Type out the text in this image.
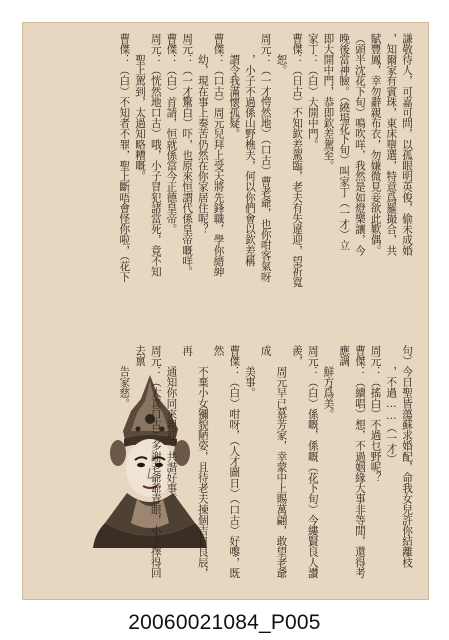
謙敬待人，可嘉可問，以孤眼明英俊，偷未成婚

，知爾家有賓珠，東床墮選，特意爲羅撮合，共

賦豐鳳，幸勿辭親布衣，勿嫌微見妾欲此歎偶。

（頭半沈花下旬）鳴吹咩，我然是如燈樂讓，今

晚後當神臉。（繞場花下旬）叫家丁（一才）立

即大開中門，恭即欽差駕至。

家丁：（白）大開中門。

曹傑：（日古）不知欽差駕臨，老夫有失違迎，望祈寬

　　恕。

周元：（一才愕然地）（口古）曹老爺，也你咁客氣呀

　　，小子不過係山野樵夫，何以你們會以欽差稱

　　謂令我滿懷孤疑。

曹傑：（口古）周元兒拜上受天將先鋒職，學你縉紳

　　幼，現在事上奏苦仍然在你家居住呢？

周元：（一才驚白）吓，也原來恒謂代係皇帝嘅咩。

曹傑：（白）首請，恒就係當今正德皇帝。

周元：（恍然地口古）哦，小子冒犯諸當死，竟不知

　　聖上駕到，太過知略糟嘅。

曹傑：（白）不知者不罪，聖上斷唔會怪你啦，（花下

句）今日聖皆蕩蘇求婚配，命我女兒許你結離枝

　　，不過……（一才）

周元：（搖白）不過乜野呢？

曹傑：（續唱）想，不過姻緣大事非等閒，還得考應調

　　鮮方爲美。

周元：（白）係嘅，係嘅（花下旬）今縷賢良人讚羨，

　　周元早已慕芳家，幸蒙中上賜萬翩，敢望老爺成

　　美事。

曹傑：（白）咁呀，（人才圖日）（口古）好嚟，既然

　　不棄小女獼貌陋姿，且待老夫揀個吉日良辰，再

　　通知你同來親迎，共諧好事。

周元：（大喜口古）多謝老爺爺青眼，小子擇得回去禀

　　告家慈。

20060021084_P005
